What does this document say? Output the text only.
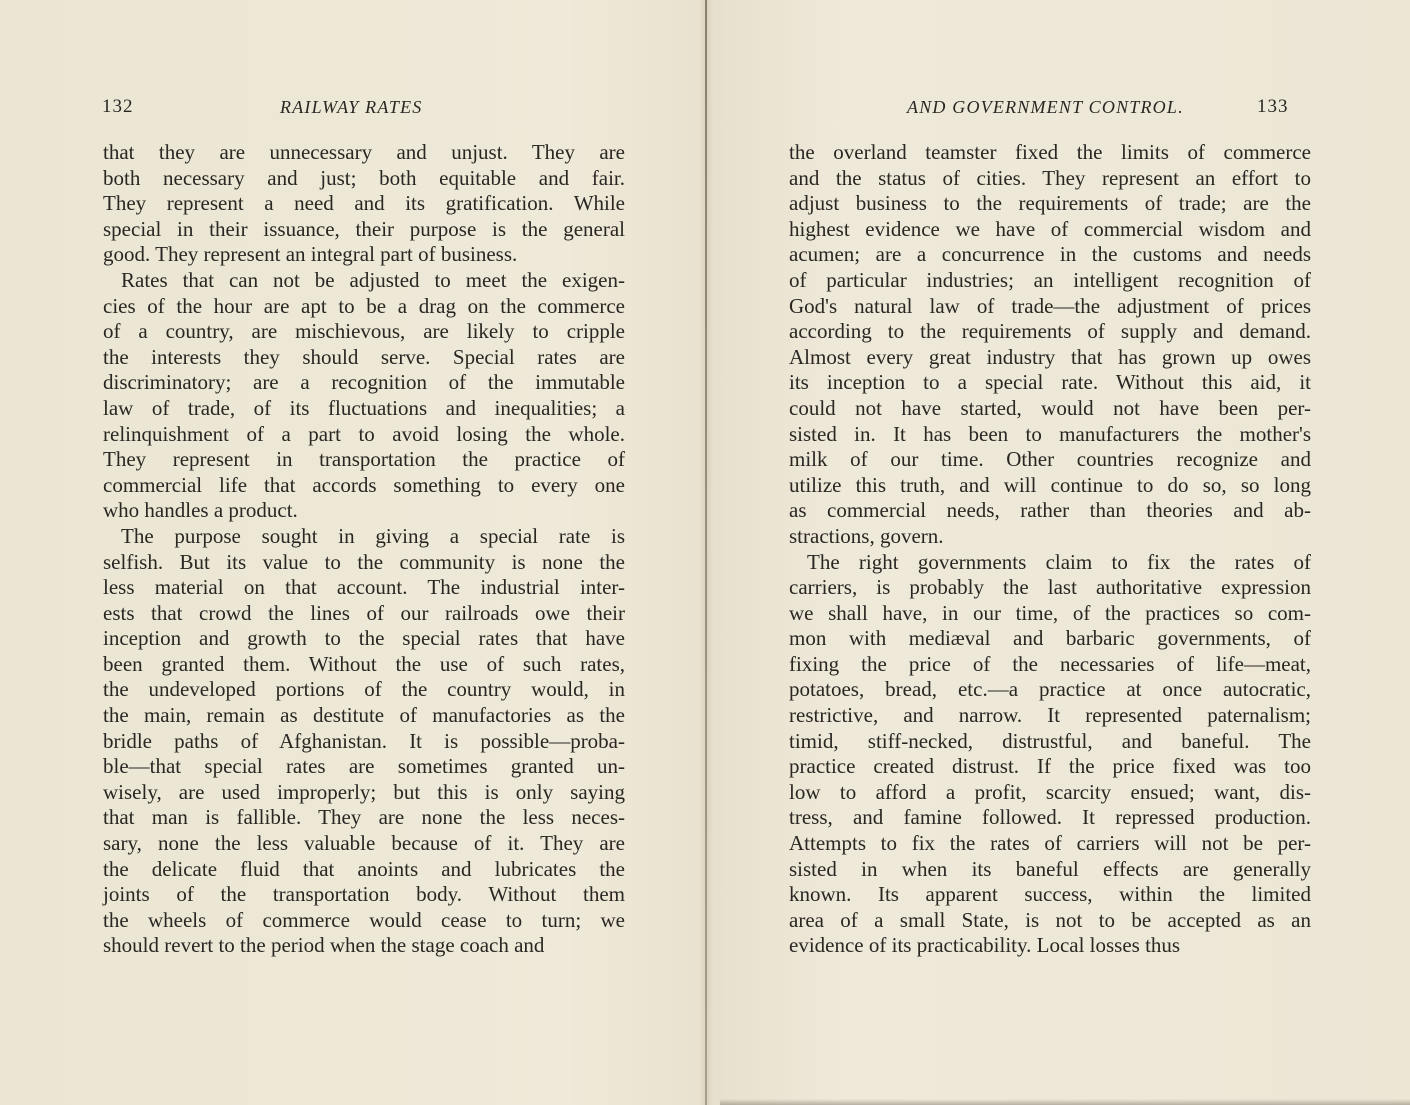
132	RAILWAY RATES
that they are unnecessary and unjust. They are
both necessary and just; both equitable and fair.
They represent a need and its gratification. While
special in their issuance, their purpose is the general
good. They represent an integral part of business.
Rates that can not be adjusted to meet the exigen-
cies of the hour are apt to be a drag on the commerce
of a country, are mischievous, are likely to cripple
the interests they should serve. Special rates are
discriminatory; are a recognition of the immutable
law of trade, of its fluctuations and inequalities; a
relinquishment of a part to avoid losing the whole.
They represent in transportation the practice of
commercial life that accords something to every one
who handles a product.
The purpose sought in giving a special rate is
selfish. But its value to the community is none the
less material on that account. The industrial inter-
ests that crowd the lines of our railroads owe their
inception and growth to the special rates that have
been granted them. Without the use of such rates,
the undeveloped portions of the country would, in
the main, remain as destitute of manufactories as the
bridle paths of Afghanistan. It is possible—proba-
ble—that special rates are sometimes granted un-
wisely, are used improperly; but this is only saying
that man is fallible. They are none the less neces-
sary, none the less valuable because of it. They are
the delicate fluid that anoints and lubricates the
joints of the transportation body. Without them
the wheels of commerce would cease to turn; we
should revert to the period when the stage coach and
AND GOVERNMENT CONTROL.	133
the overland teamster fixed the limits of commerce
and the status of cities. They represent an effort to
adjust business to the requirements of trade; are the
highest evidence we have of commercial wisdom and
acumen; are a concurrence in the customs and needs
of particular industries; an intelligent recognition of
God's natural law of trade—the adjustment of prices
according to the requirements of supply and demand.
Almost every great industry that has grown up owes
its inception to a special rate. Without this aid, it
could not have started, would not have been per-
sisted in. It has been to manufacturers the mother's
milk of our time. Other countries recognize and
utilize this truth, and will continue to do so, so long
as commercial needs, rather than theories and ab-
stractions, govern.
The right governments claim to fix the rates of
carriers, is probably the last authoritative expression
we shall have, in our time, of the practices so com-
mon with mediæval and barbaric governments, of
fixing the price of the necessaries of life—meat,
potatoes, bread, etc.—a practice at once autocratic,
restrictive, and narrow. It represented paternalism;
timid, stiff-necked, distrustful, and baneful. The
practice created distrust. If the price fixed was too
low to afford a profit, scarcity ensued; want, dis-
tress, and famine followed. It repressed production.
Attempts to fix the rates of carriers will not be per-
sisted in when its baneful effects are generally
known. Its apparent success, within the limited
area of a small State, is not to be accepted as an
evidence of its practicability. Local losses thus
